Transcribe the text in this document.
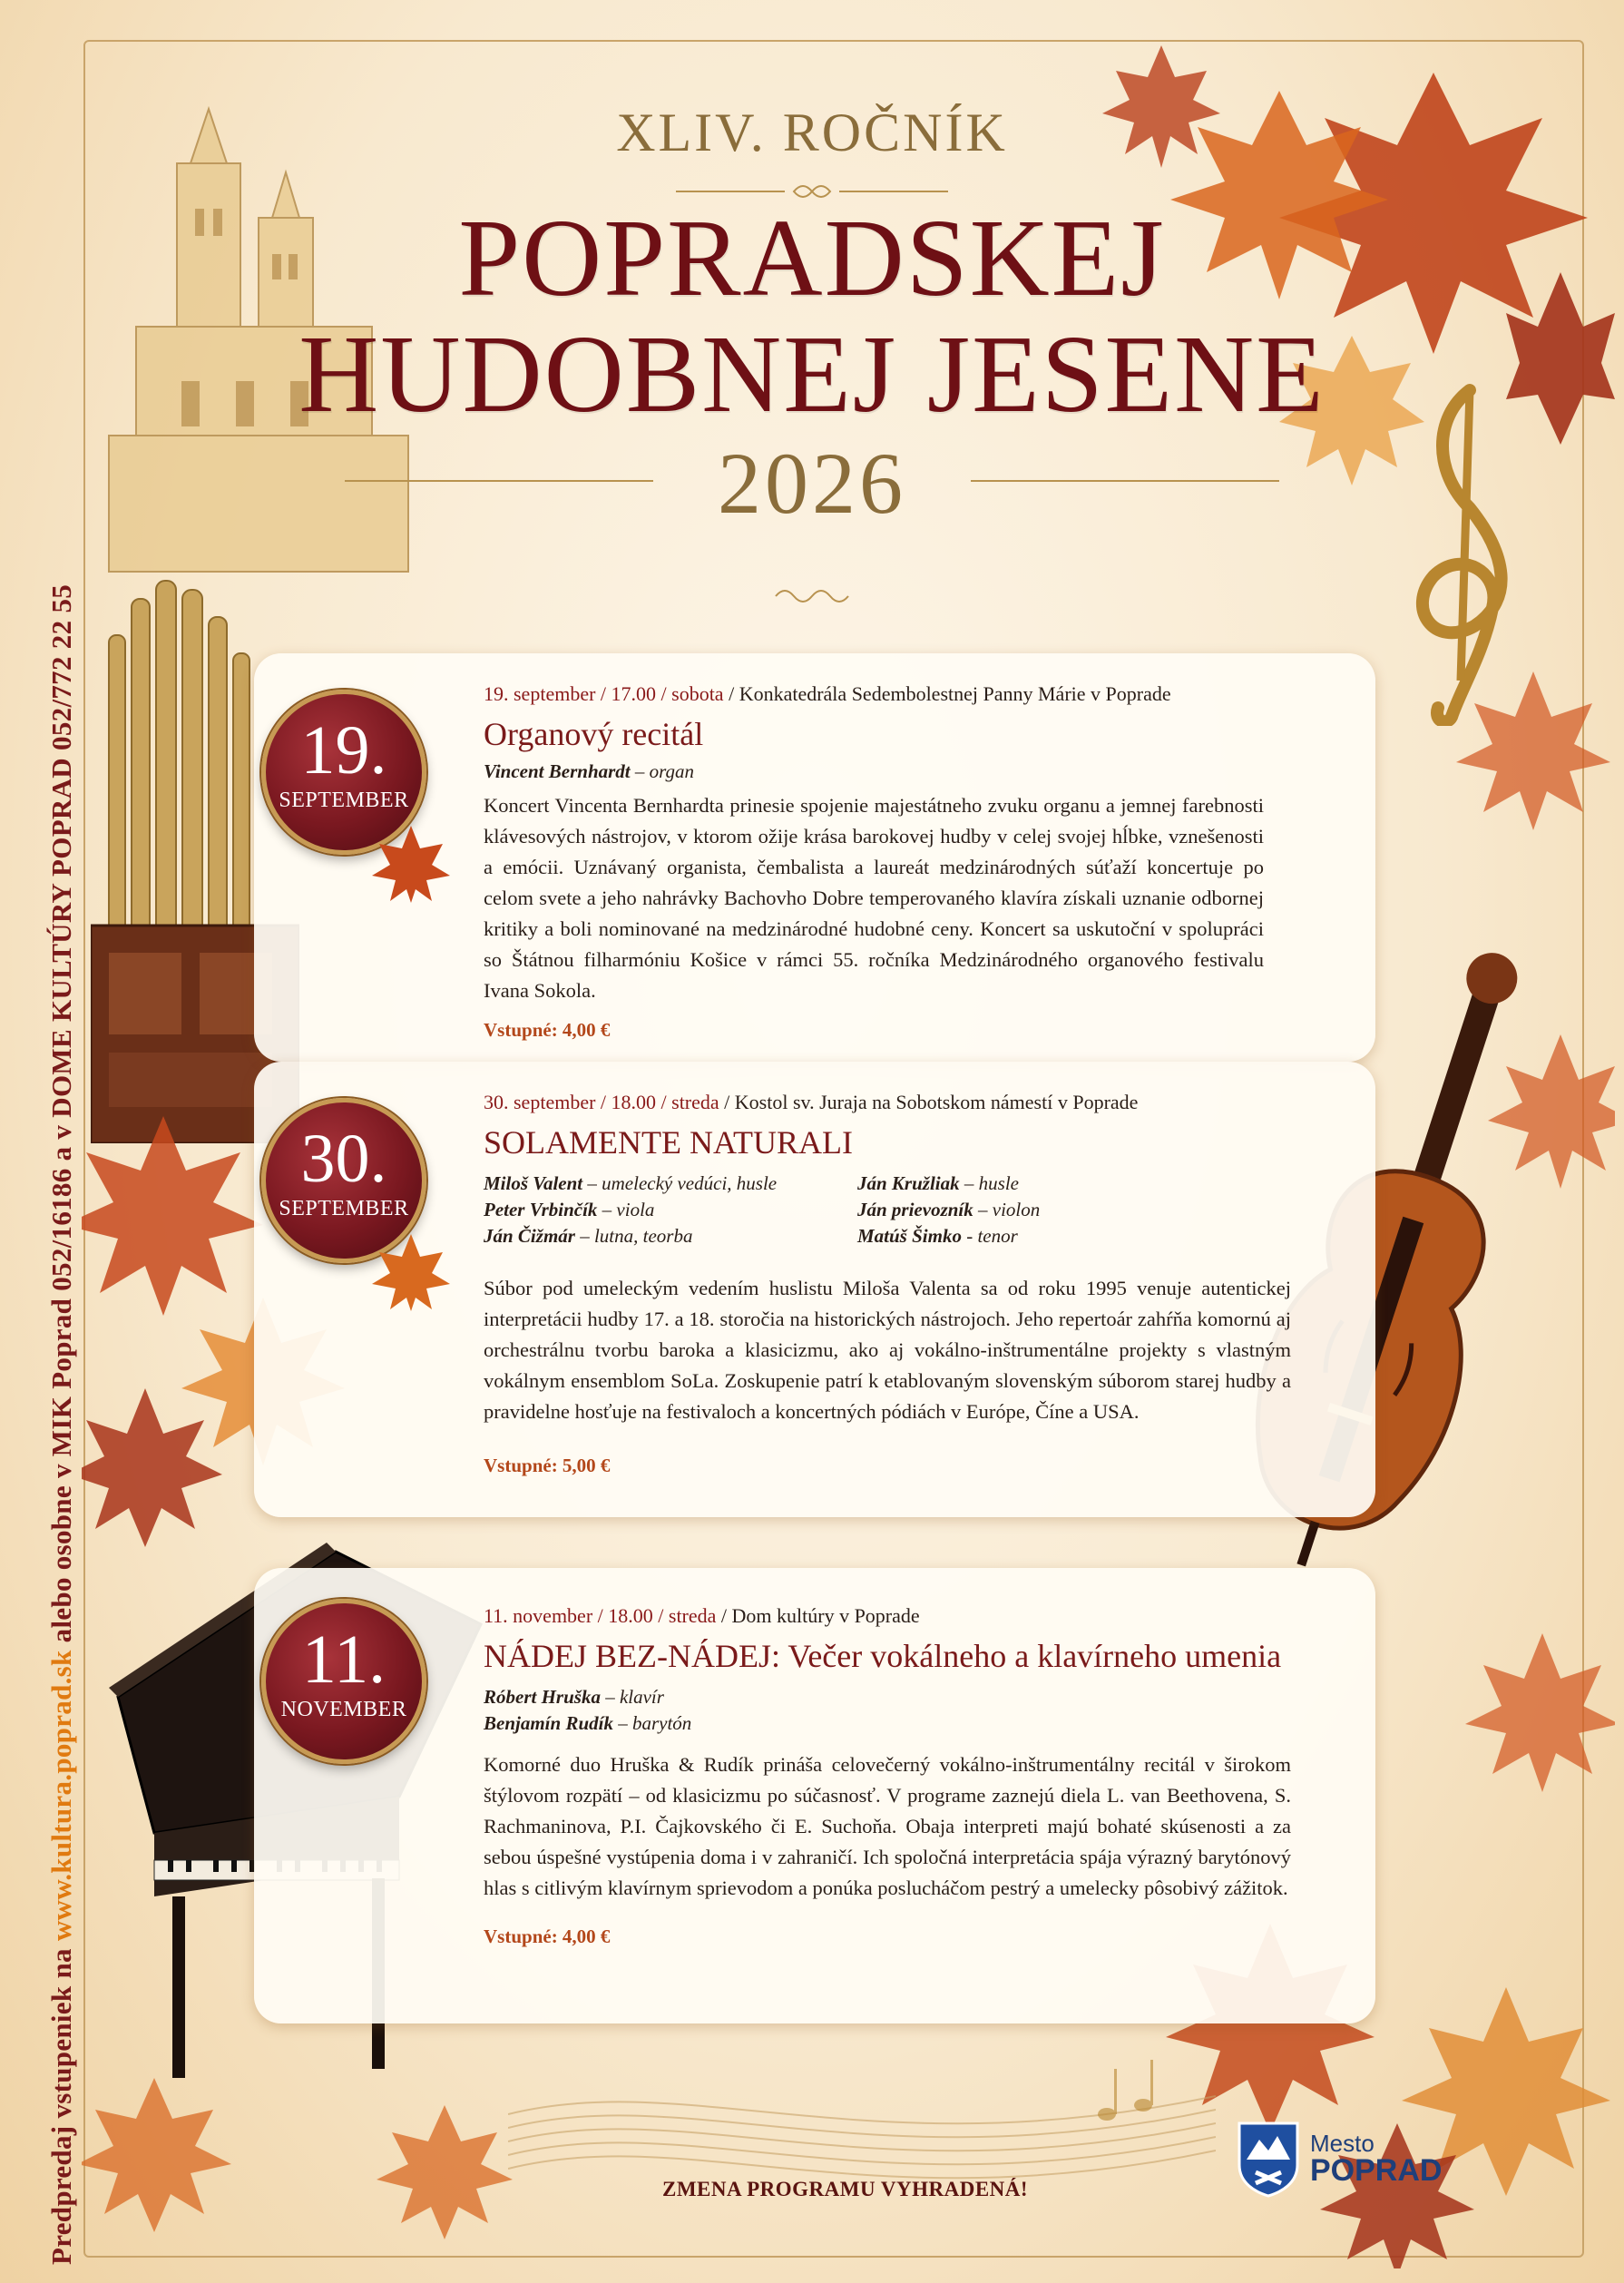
Predpredaj vstupeniek na www.kultura.poprad.sk alebo osobne v MIK Poprad 052/16186 a v DOME KULTÚRY POPRAD 052/772 22 55
XLIV. ROČNÍK
POPRADSKEJ
HUDOBNEJ JESENE
2026
19.
SEPTEMBER
30.
SEPTEMBER
11.
NOVEMBER
19. september / 17.00 / sobota / Konkatedrála Sedembolestnej Panny Márie v Poprade
Organový recitál
Vincent Bernhardt – organ
Koncert Vincenta Bernhardta prinesie spojenie majestátneho zvuku organu a jemnej farebnosti klávesových nástrojov, v ktorom ožije krása barokovej hudby v celej svojej hĺbke, vznešenosti a emócii. Uznávaný organista, čembalista a laureát medzinárodných súťaží koncertuje po celom svete a jeho nahrávky Bachovho Dobre temperovaného klavíra získali uznanie odbornej kritiky a boli nominované na medzinárodné hudobné ceny. Koncert sa uskutoční v spolupráci so Štátnou filharmóniu Košice v rámci 55. ročníka Medzinárodného organového festivalu Ivana Sokola.
Vstupné: 4,00 €
30. september / 18.00 / streda / Kostol sv. Juraja na Sobotskom námestí v Poprade
SOLAMENTE NATURALI
Miloš Valent – umelecký vedúci, husle	Ján Kružliak – husle
Peter Vrbinčík – viola	Ján prievozník – violon
Ján Čižmár – lutna, teorba	Matúš Šimko - tenor
Súbor pod umeleckým vedením huslistu Miloša Valenta sa od roku 1995 venuje autentickej interpretácii hudby 17. a 18. storočia na historických nástrojoch. Jeho repertoár zahŕňa komornú aj orchestrálnu tvorbu baroka a klasicizmu, ako aj vokálno-inštrumentálne projekty s vlastným vokálnym ensemblom SoLa. Zoskupenie patrí k etablovaným slovenským súborom starej hudby a pravidelne hosťuje na festivaloch a koncertných pódiách v Európe, Číne a USA.
Vstupné: 5,00 €
11. november / 18.00 / streda / Dom kultúry v Poprade
NÁDEJ BEZ-NÁDEJ: Večer vokálneho a klavírneho umenia
Róbert Hruška – klavír
Benjamín Rudík – barytón
Komorné duo Hruška & Rudík prináša celovečerný vokálno-inštrumentálny recitál v širokom štýlovom rozpätí – od klasicizmu po súčasnosť. V programe zaznejú diela L. van Beethovena, S. Rachmaninova, P.I. Čajkovského či E. Suchoňa. Obaja interpreti majú bohaté skúsenosti a za sebou úspešné vystúpenia doma i v zahraničí. Ich spoločná interpretácia spája výrazný barytónový hlas s citlivým klavírnym sprievodom a ponúka poslucháčom pestrý a umelecky pôsobivý zážitok.
Vstupné: 4,00 €
ZMENA PROGRAMU VYHRADENÁ!
Mesto
POPRAD
